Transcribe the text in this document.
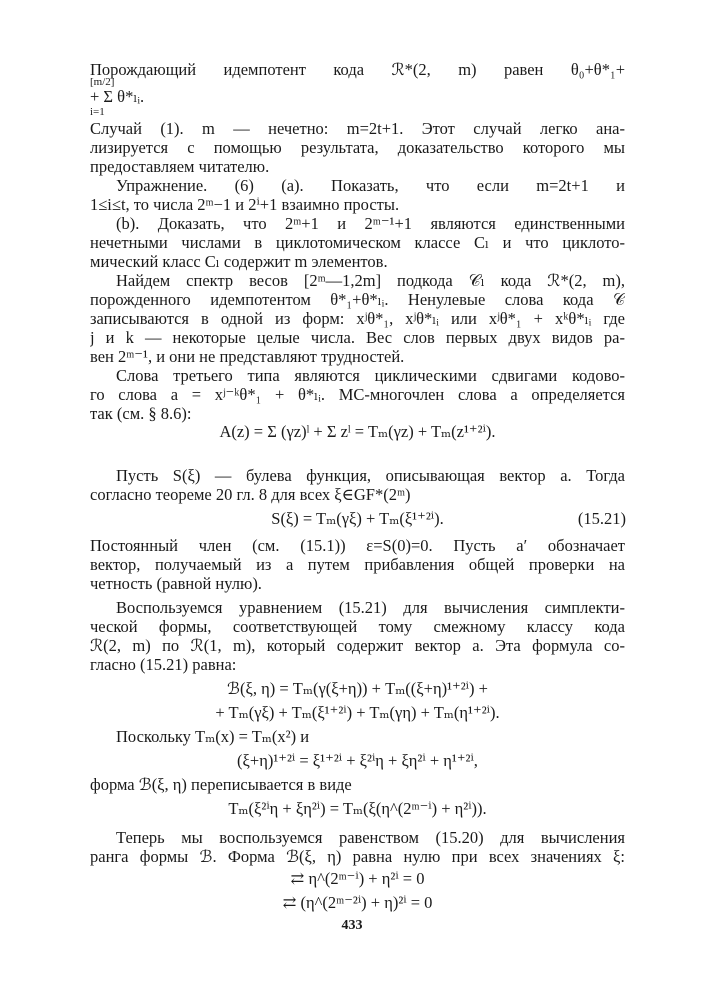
[m/2]
i=1
(15.21)
433
Порождающий идемпотент кода ℛ*(2, m) равен θ₀+θ*₁+
+ Σ θ*ₗᵢ.
Случай (1). m — нечетно: m=2t+1. Этот случай легко ана-
лизируется с помощью результата, доказательство которого мы
предоставляем читателю.
Упражнение. (6) (a). Показать, что если m=2t+1 и
1≤i≤t, то числа 2ᵐ−1 и 2ⁱ+1 взаимно просты.
(b). Доказать, что 2ᵐ+1 и 2ᵐ⁻¹+1 являются единственными
нечетными числами в циклотомическом классе Cₗ и что циклото-
мический класс Cₗ содержит m элементов.
Найдем спектр весов [2ᵐ—1,2m] подкода 𝒞ₗ кода ℛ*(2, m),
порожденного идемпотентом θ*₁+θ*ₗᵢ. Ненулевые слова кода 𝒞
записываются в одной из форм: xʲθ*₁, xʲθ*ₗᵢ или xʲθ*₁ + xᵏθ*ₗᵢ где
j и k — некоторые целые числа. Вес слов первых двух видов ра-
вен 2ᵐ⁻¹, и они не представляют трудностей.
Слова третьего типа являются циклическими сдвигами кодово-
го слова a = xʲ⁻ᵏθ*₁ + θ*ₗᵢ. МС-многочлен слова a определяется
так (см. § 8.6):
A(z) = Σ (γz)ˡ + Σ zˡ = Tₘ(γz) + Tₘ(z¹⁺²ⁱ).
Пусть S(ξ) — булева функция, описывающая вектор a. Тогда
согласно теореме 20 гл. 8 для всех ξ∈GF*(2ᵐ)
S(ξ) = Tₘ(γξ) + Tₘ(ξ¹⁺²ⁱ).
Постоянный член (см. (15.1)) ε=S(0)=0. Пусть a′ обозначает
вектор, получаемый из a путем прибавления общей проверки на
четность (равной нулю).
Воспользуемся уравнением (15.21) для вычисления симплекти-
ческой формы, соответствующей тому смежному классу кода
ℛ(2, m) по ℛ(1, m), который содержит вектор a. Эта формула со-
гласно (15.21) равна:
ℬ(ξ, η) = Tₘ(γ(ξ+η)) + Tₘ((ξ+η)¹⁺²ⁱ) +
+ Tₘ(γξ) + Tₘ(ξ¹⁺²ⁱ) + Tₘ(γη) + Tₘ(η¹⁺²ⁱ).
Поскольку Tₘ(x) = Tₘ(x²) и
(ξ+η)¹⁺²ⁱ = ξ¹⁺²ⁱ + ξ²ⁱη + ξη²ⁱ + η¹⁺²ⁱ,
форма ℬ(ξ, η) переписывается в виде
Tₘ(ξ²ⁱη + ξη²ⁱ) = Tₘ(ξ(η^(2ᵐ⁻ⁱ) + η²ⁱ)).
Теперь мы воспользуемся равенством (15.20) для вычисления
ранга формы ℬ. Форма ℬ(ξ, η) равна нулю при всех значениях ξ:
⇄ η^(2ᵐ⁻ⁱ) + η²ⁱ = 0
⇄ (η^(2ᵐ⁻²ⁱ) + η)²ⁱ = 0
